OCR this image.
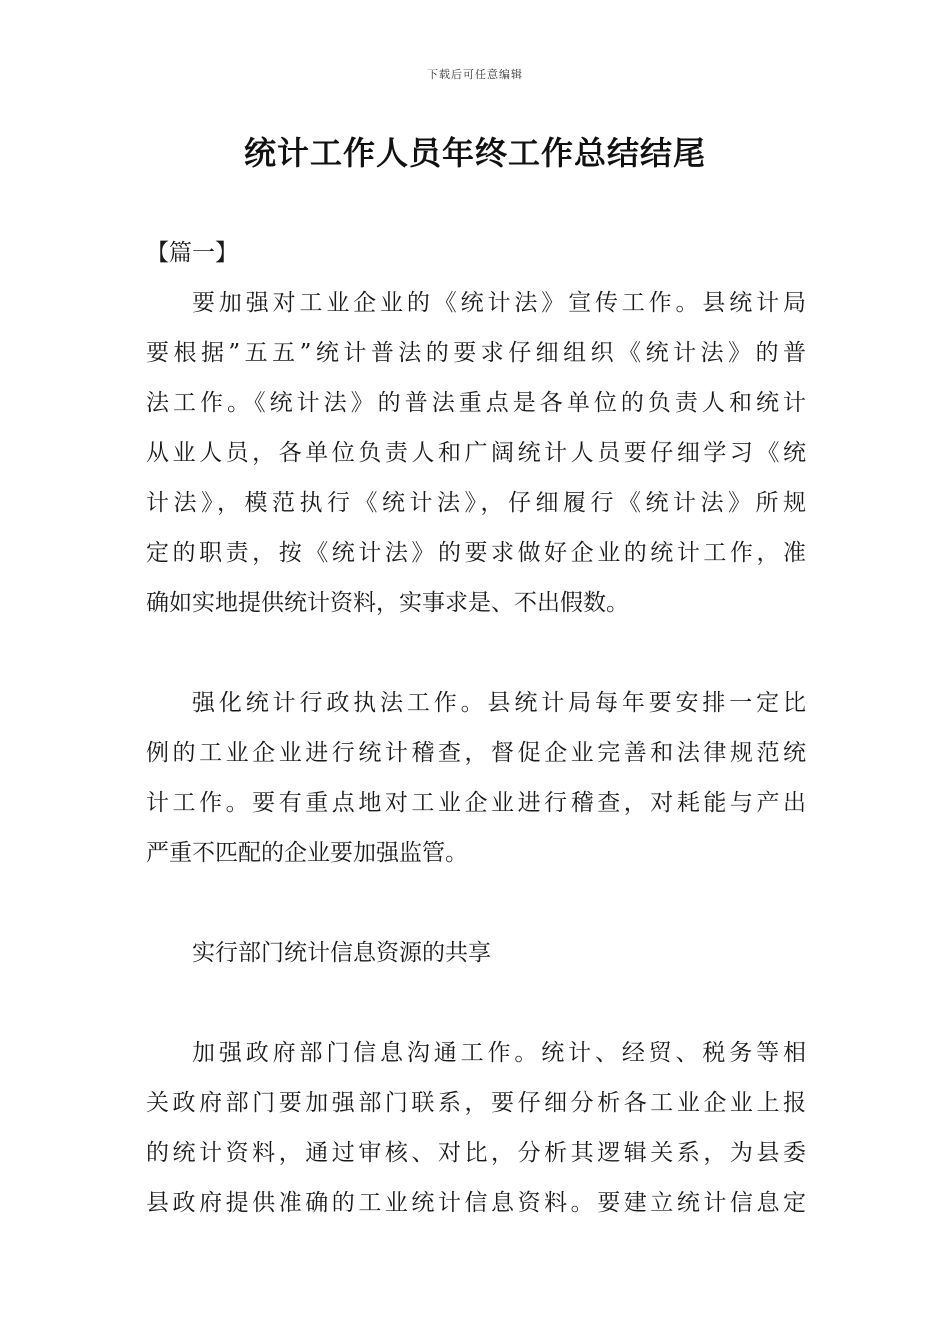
下载后可任意编辑
统计工作人员年终工作总结结尾

【篇一】

要加强对工业企业的《统计法》宣传工作。县统计局
要根据”五五”统计普法的要求仔细组织《统计法》的普
法工作。《统计法》的普法重点是各单位的负责人和统计
从业人员，各单位负责人和广阔统计人员要仔细学习《统
计法》，模范执行《统计法》，仔细履行《统计法》所规
定的职责，按《统计法》的要求做好企业的统计工作，准
确如实地提供统计资料，实事求是、不出假数。
强化统计行政执法工作。县统计局每年要安排一定比
例的工业企业进行统计稽查，督促企业完善和法律规范统
计工作。要有重点地对工业企业进行稽查，对耗能与产出
严重不匹配的企业要加强监管。

实行部门统计信息资源的共享

加强政府部门信息沟通工作。统计、经贸、税务等相
关政府部门要加强部门联系，要仔细分析各工业企业上报
的统计资料，通过审核、对比，分析其逻辑关系，为县委
县政府提供准确的工业统计信息资料。要建立统计信息定
